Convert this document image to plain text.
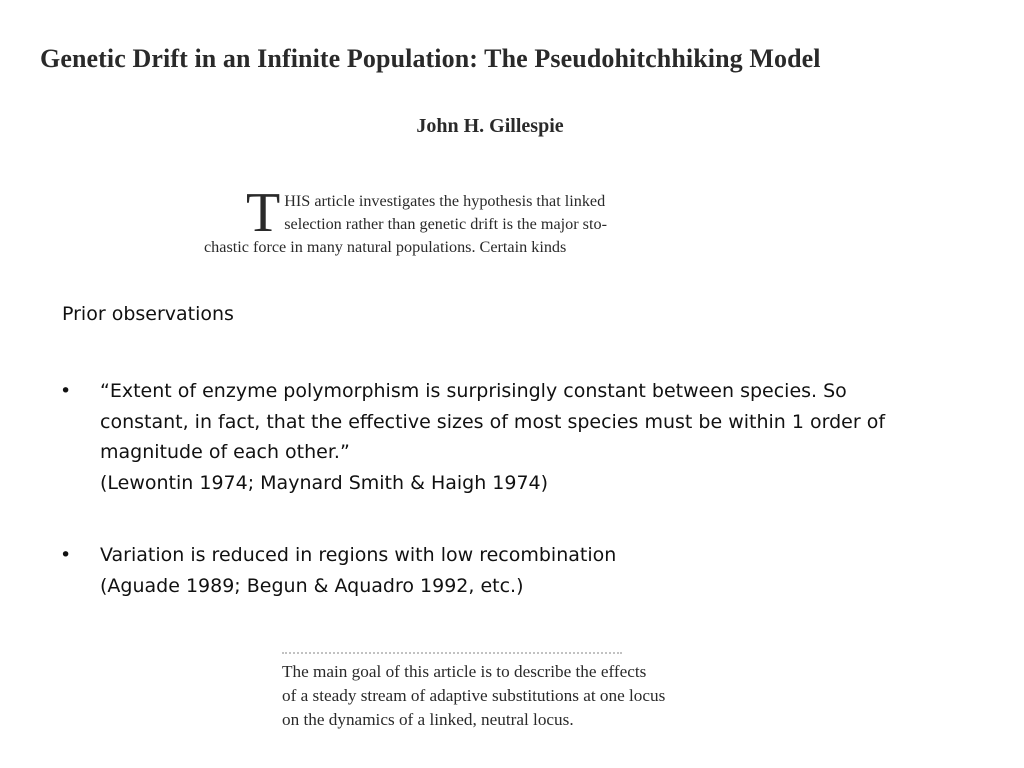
Genetic Drift in an Infinite Population: The Pseudohitchhiking Model
John H. Gillespie
T HIS article investigates the hypothesis that linked
selection rather than genetic drift is the major sto-
chastic force in many natural populations. Certain kinds
Prior observations
• “Extent of enzyme polymorphism is surprisingly constant between species. So
constant, in fact, that the effective sizes of most species must be within 1 order of
magnitude of each other.”
(Lewontin 1974; Maynard Smith & Haigh 1974)
• Variation is reduced in regions with low recombination
(Aguade 1989; Begun & Aquadro 1992, etc.)
The main goal of this article is to describe the effects
of a steady stream of adaptive substitutions at one locus
on the dynamics of a linked, neutral locus.
